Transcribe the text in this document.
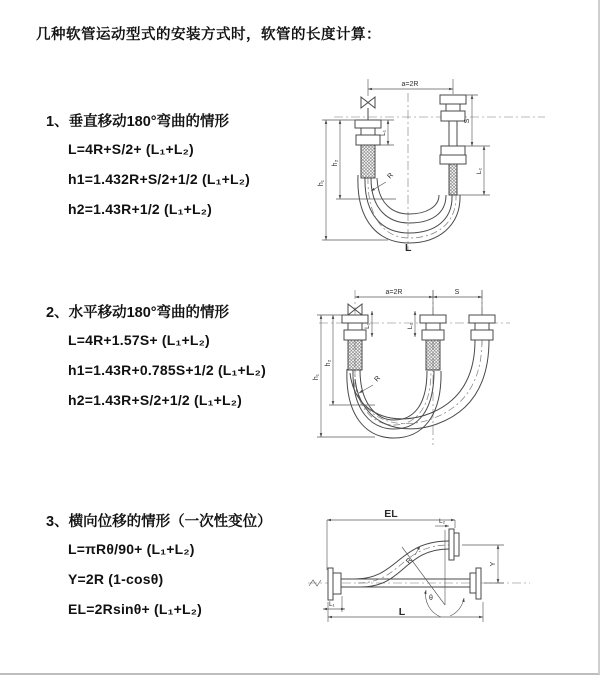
几种软管运动型式的安装方式时，软管的长度计算：
1、垂直移动180°弯曲的情形
L=4R+S/2+ (L₁+L₂)
h1=1.432R+S/2+1/2 (L₁+L₂)
h2=1.43R+1/2 (L₁+L₂)
2、水平移动180°弯曲的情形
L=4R+1.57S+ (L₁+L₂)
h1=1.43R+0.785S+1/2 (L₁+L₂)
h2=1.43R+S/2+1/2 (L₁+L₂)
3、横向位移的情形（一次性变位）
L=πRθ/90+ (L₁+L₂)
Y=2R (1-cosθ)
EL=2Rsinθ+ (L₁+L₂)
a=2R
h₁
h₂
L₁
S
L₂
R
L
a=2R	S
h₁
h₂
L₁	L₂
R
θ
EL
L₂
Y
L₁
L
R
